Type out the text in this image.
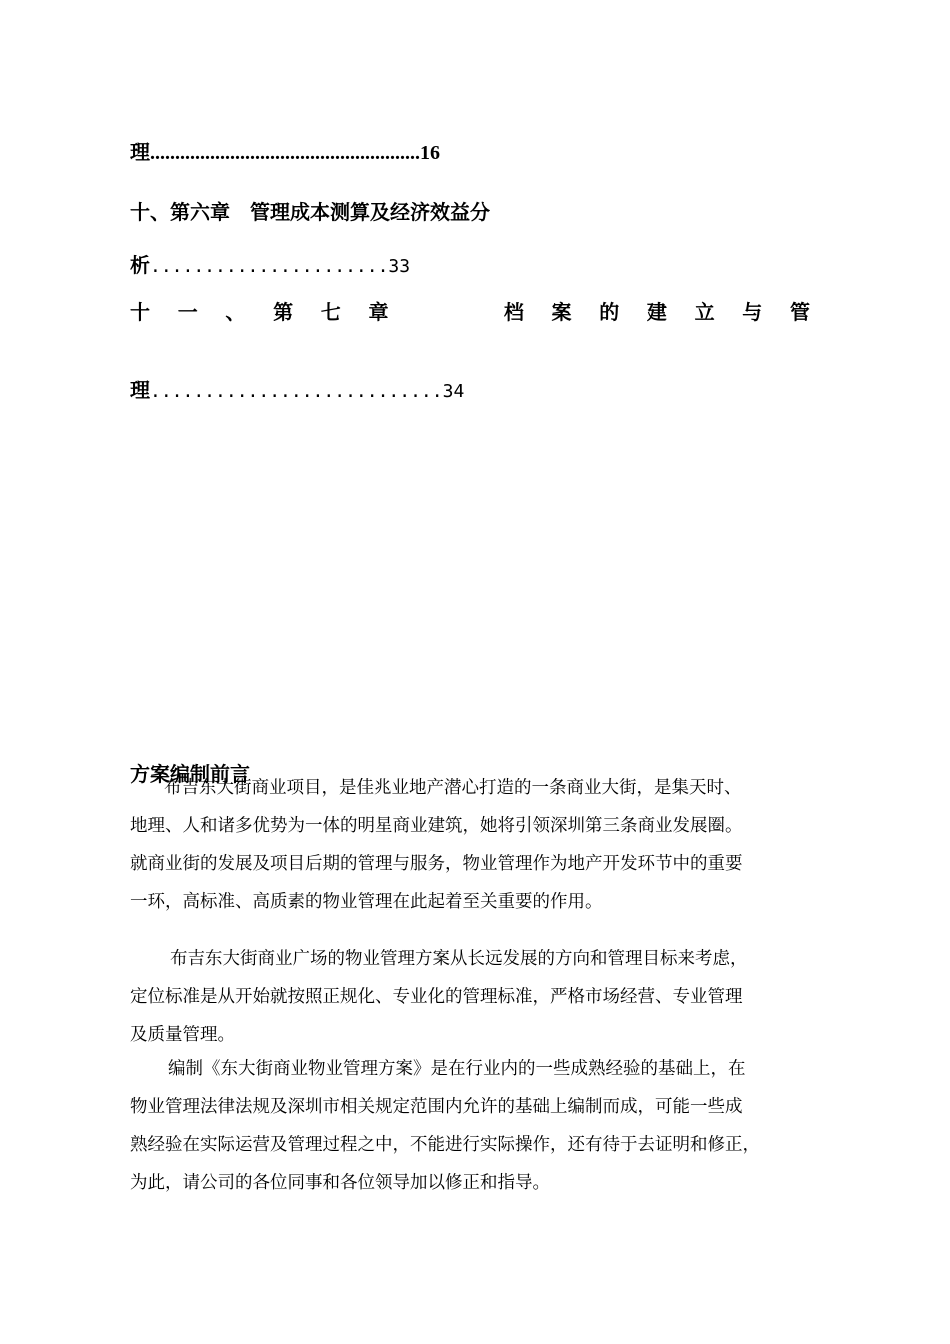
理......................................................16
十、第六章 管理成本测算及经济效益分
析......................33
十 一 、 第 七 章	档 案 的 建 立 与 管
理...........................34
方案编制前言
布吉东大街商业项目，是佳兆业地产潜心打造的一条商业大街，是集天时、
地理、人和诸多优势为一体的明星商业建筑，她将引领深圳第三条商业发展圈。
就商业街的发展及项目后期的管理与服务，物业管理作为地产开发环节中的重要
一环，高标准、高质素的物业管理在此起着至关重要的作用。
布吉东大街商业广场的物业管理方案从长远发展的方向和管理目标来考虑，
定位标准是从开始就按照正规化、专业化的管理标准，严格市场经营、专业管理
及质量管理。
编制《东大街商业物业管理方案》是在行业内的一些成熟经验的基础上，在
物业管理法律法规及深圳市相关规定范围内允许的基础上编制而成，可能一些成
熟经验在实际运营及管理过程之中，不能进行实际操作，还有待于去证明和修正，
为此，请公司的各位同事和各位领导加以修正和指导。
